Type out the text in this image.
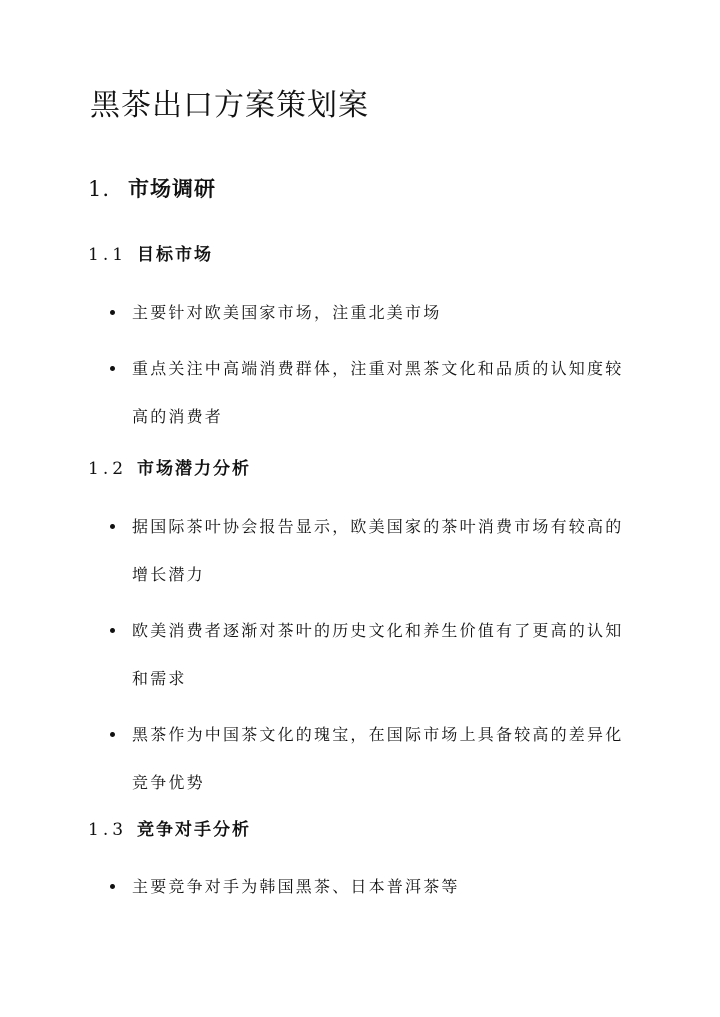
黑茶出口方案策划案
1. 市场调研
1.1 目标市场
主要针对欧美国家市场，注重北美市场
重点关注中高端消费群体，注重对黑茶文化和品质的认知度较高的消费者
1.2 市场潜力分析
据国际茶叶协会报告显示，欧美国家的茶叶消费市场有较高的增长潜力
欧美消费者逐渐对茶叶的历史文化和养生价值有了更高的认知和需求
黑茶作为中国茶文化的瑰宝，在国际市场上具备较高的差异化竞争优势
1.3 竞争对手分析
主要竞争对手为韩国黑茶、日本普洱茶等
